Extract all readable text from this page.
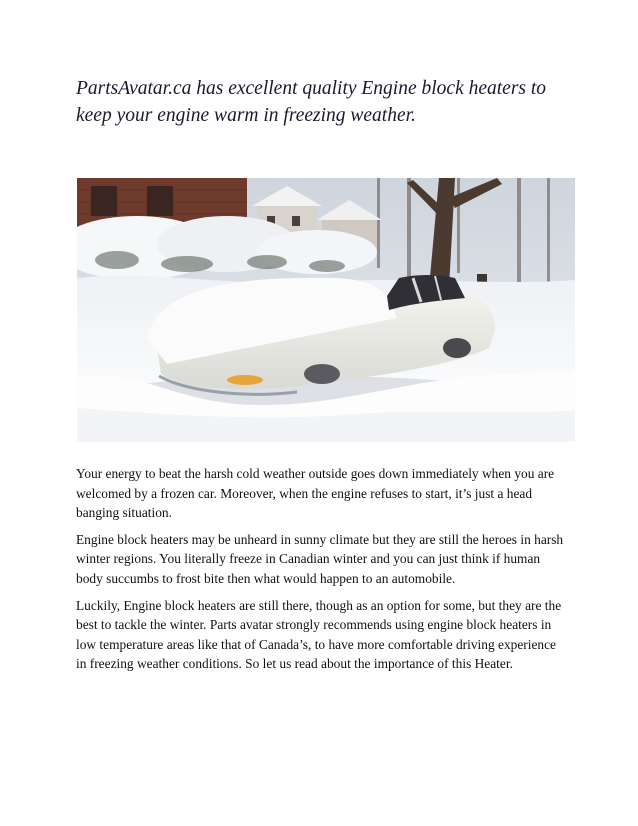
PartsAvatar.ca has excellent quality Engine block heaters to keep your engine warm in freezing weather.

Your energy to beat the harsh cold weather outside goes down immediately when you are welcomed by a frozen car. Moreover, when the engine refuses to start, it’s just a head banging situation.

Engine block heaters may be unheard in sunny climate but they are still the heroes in harsh winter regions. You literally freeze in Canadian winter and you can just think if human body succumbs to frost bite then what would happen to an automobile.

Luckily, Engine block heaters are still there, though as an option for some, but they are the best to tackle the winter. Parts avatar strongly recommends using engine block heaters in low temperature areas like that of Canada’s, to have more comfortable driving experience in freezing weather conditions. So let us read about the importance of this Heater.
